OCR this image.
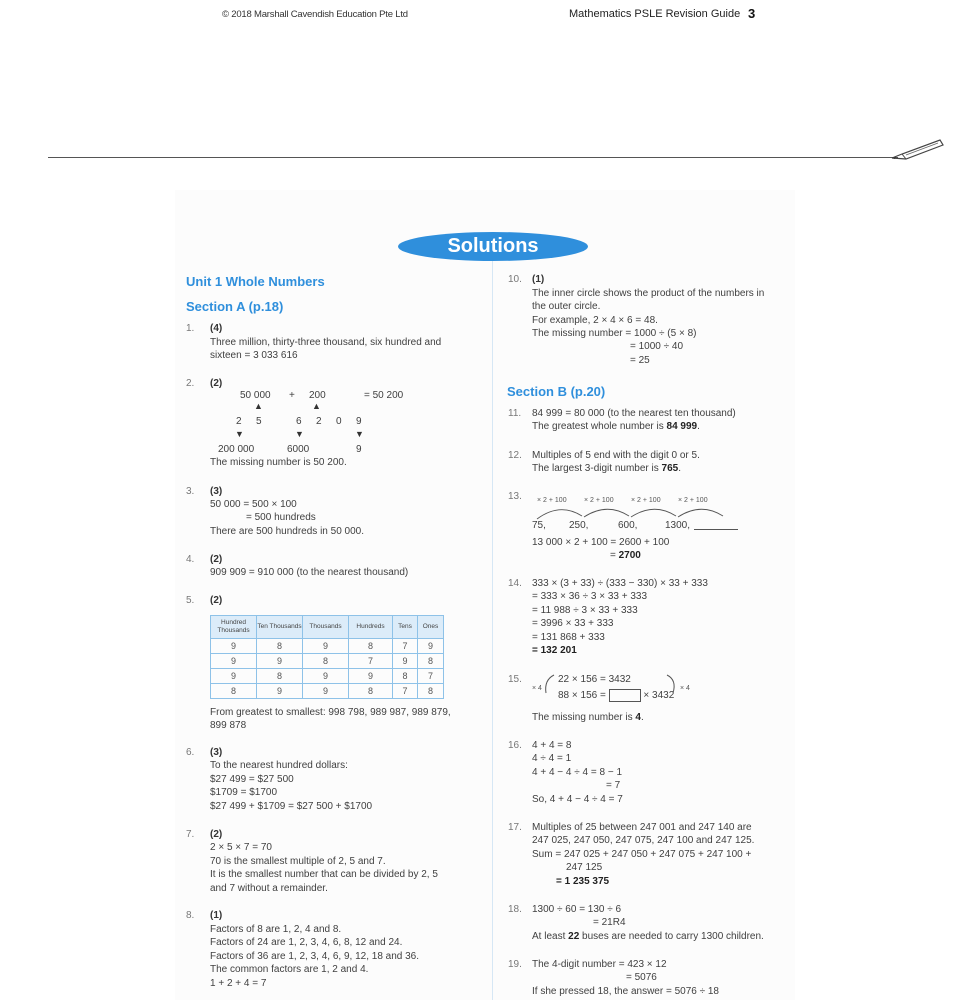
© 2018 Marshall Cavendish Education Pte Ltd	Mathematics PSLE Revision Guide 3
Solutions
Unit 1 Whole Numbers
Section A (p.18)
1. (4)
Three million, thirty-three thousand, six hundred and
sixteen = 3 033 616
2. (2)
50 000 + 200	= 50 200
▲	▲
2 5	6 2 0 9
▼	▼	▼
200 000	6000	9
The missing number is 50 200.
3. (3)
50 000 = 500 × 100
= 500 hundreds
There are 500 hundreds in 50 000.
4. (2)
909 909 = 910 000 (to the nearest thousand)
5. (2)
Hundred Thousands	Ten Thousands	Thousands	Hundreds	Tens	Ones
9	8	9	8	7	9
9	9	8	7	9	8
9	8	9	9	8	7
8	9	9	8	7	8
From greatest to smallest: 998 798, 989 987, 989 879,
899 878
6. (3)
To the nearest hundred dollars:
$27 499 = $27 500
$1709 = $1700
$27 499 + $1709 = $27 500 + $1700
7. (2)
2 × 5 × 7 = 70
70 is the smallest multiple of 2, 5 and 7.
It is the smallest number that can be divided by 2, 5
and 7 without a remainder.
8. (1)
Factors of 8 are 1, 2, 4 and 8.
Factors of 24 are 1, 2, 3, 4, 6, 8, 12 and 24.
Factors of 36 are 1, 2, 3, 4, 6, 9, 12, 18 and 36.
The common factors are 1, 2 and 4.
1 + 2 + 4 = 7
10. (1)
The inner circle shows the product of the numbers in
the outer circle.
For example, 2 × 4 × 6 = 48.
The missing number = 1000 ÷ (5 × 8)
= 1000 ÷ 40
= 25
Section B (p.20)
11. 84 999 = 80 000 (to the nearest ten thousand)
The greatest whole number is 84 999.
12. Multiples of 5 end with the digit 0 or 5.
The largest 3-digit number is 765.
13. × 2 + 100 × 2 + 100 × 2 + 100 × 2 + 100
75, 250,	600,	1300,
13 000 × 2 + 100 = 2600 + 100
= 2700
14. 333 × (3 + 33) ÷ (333 − 330) × 33 + 333
= 333 × 36 ÷ 3 × 33 + 333
= 11 988 ÷ 3 × 33 + 333
= 3996 × 33 + 333
= 131 868 + 333
= 132 201
15.
× 4
22 × 156 = 3432
88 × 156 =	× 3432
× 4
The missing number is 4.
16. 4 + 4 = 8
4 ÷ 4 = 1
4 + 4 − 4 ÷ 4 = 8 − 1
= 7
So, 4 + 4 − 4 ÷ 4 = 7
17. Multiples of 25 between 247 001 and 247 140 are
247 025, 247 050, 247 075, 247 100 and 247 125.
Sum = 247 025 + 247 050 + 247 075 + 247 100 +
247 125
= 1 235 375
18. 1300 ÷ 60 = 130 ÷ 6
= 21R4
At least 22 buses are needed to carry 1300 children.
19. The 4-digit number = 423 × 12
= 5076
If she pressed 18, the answer = 5076 ÷ 18
